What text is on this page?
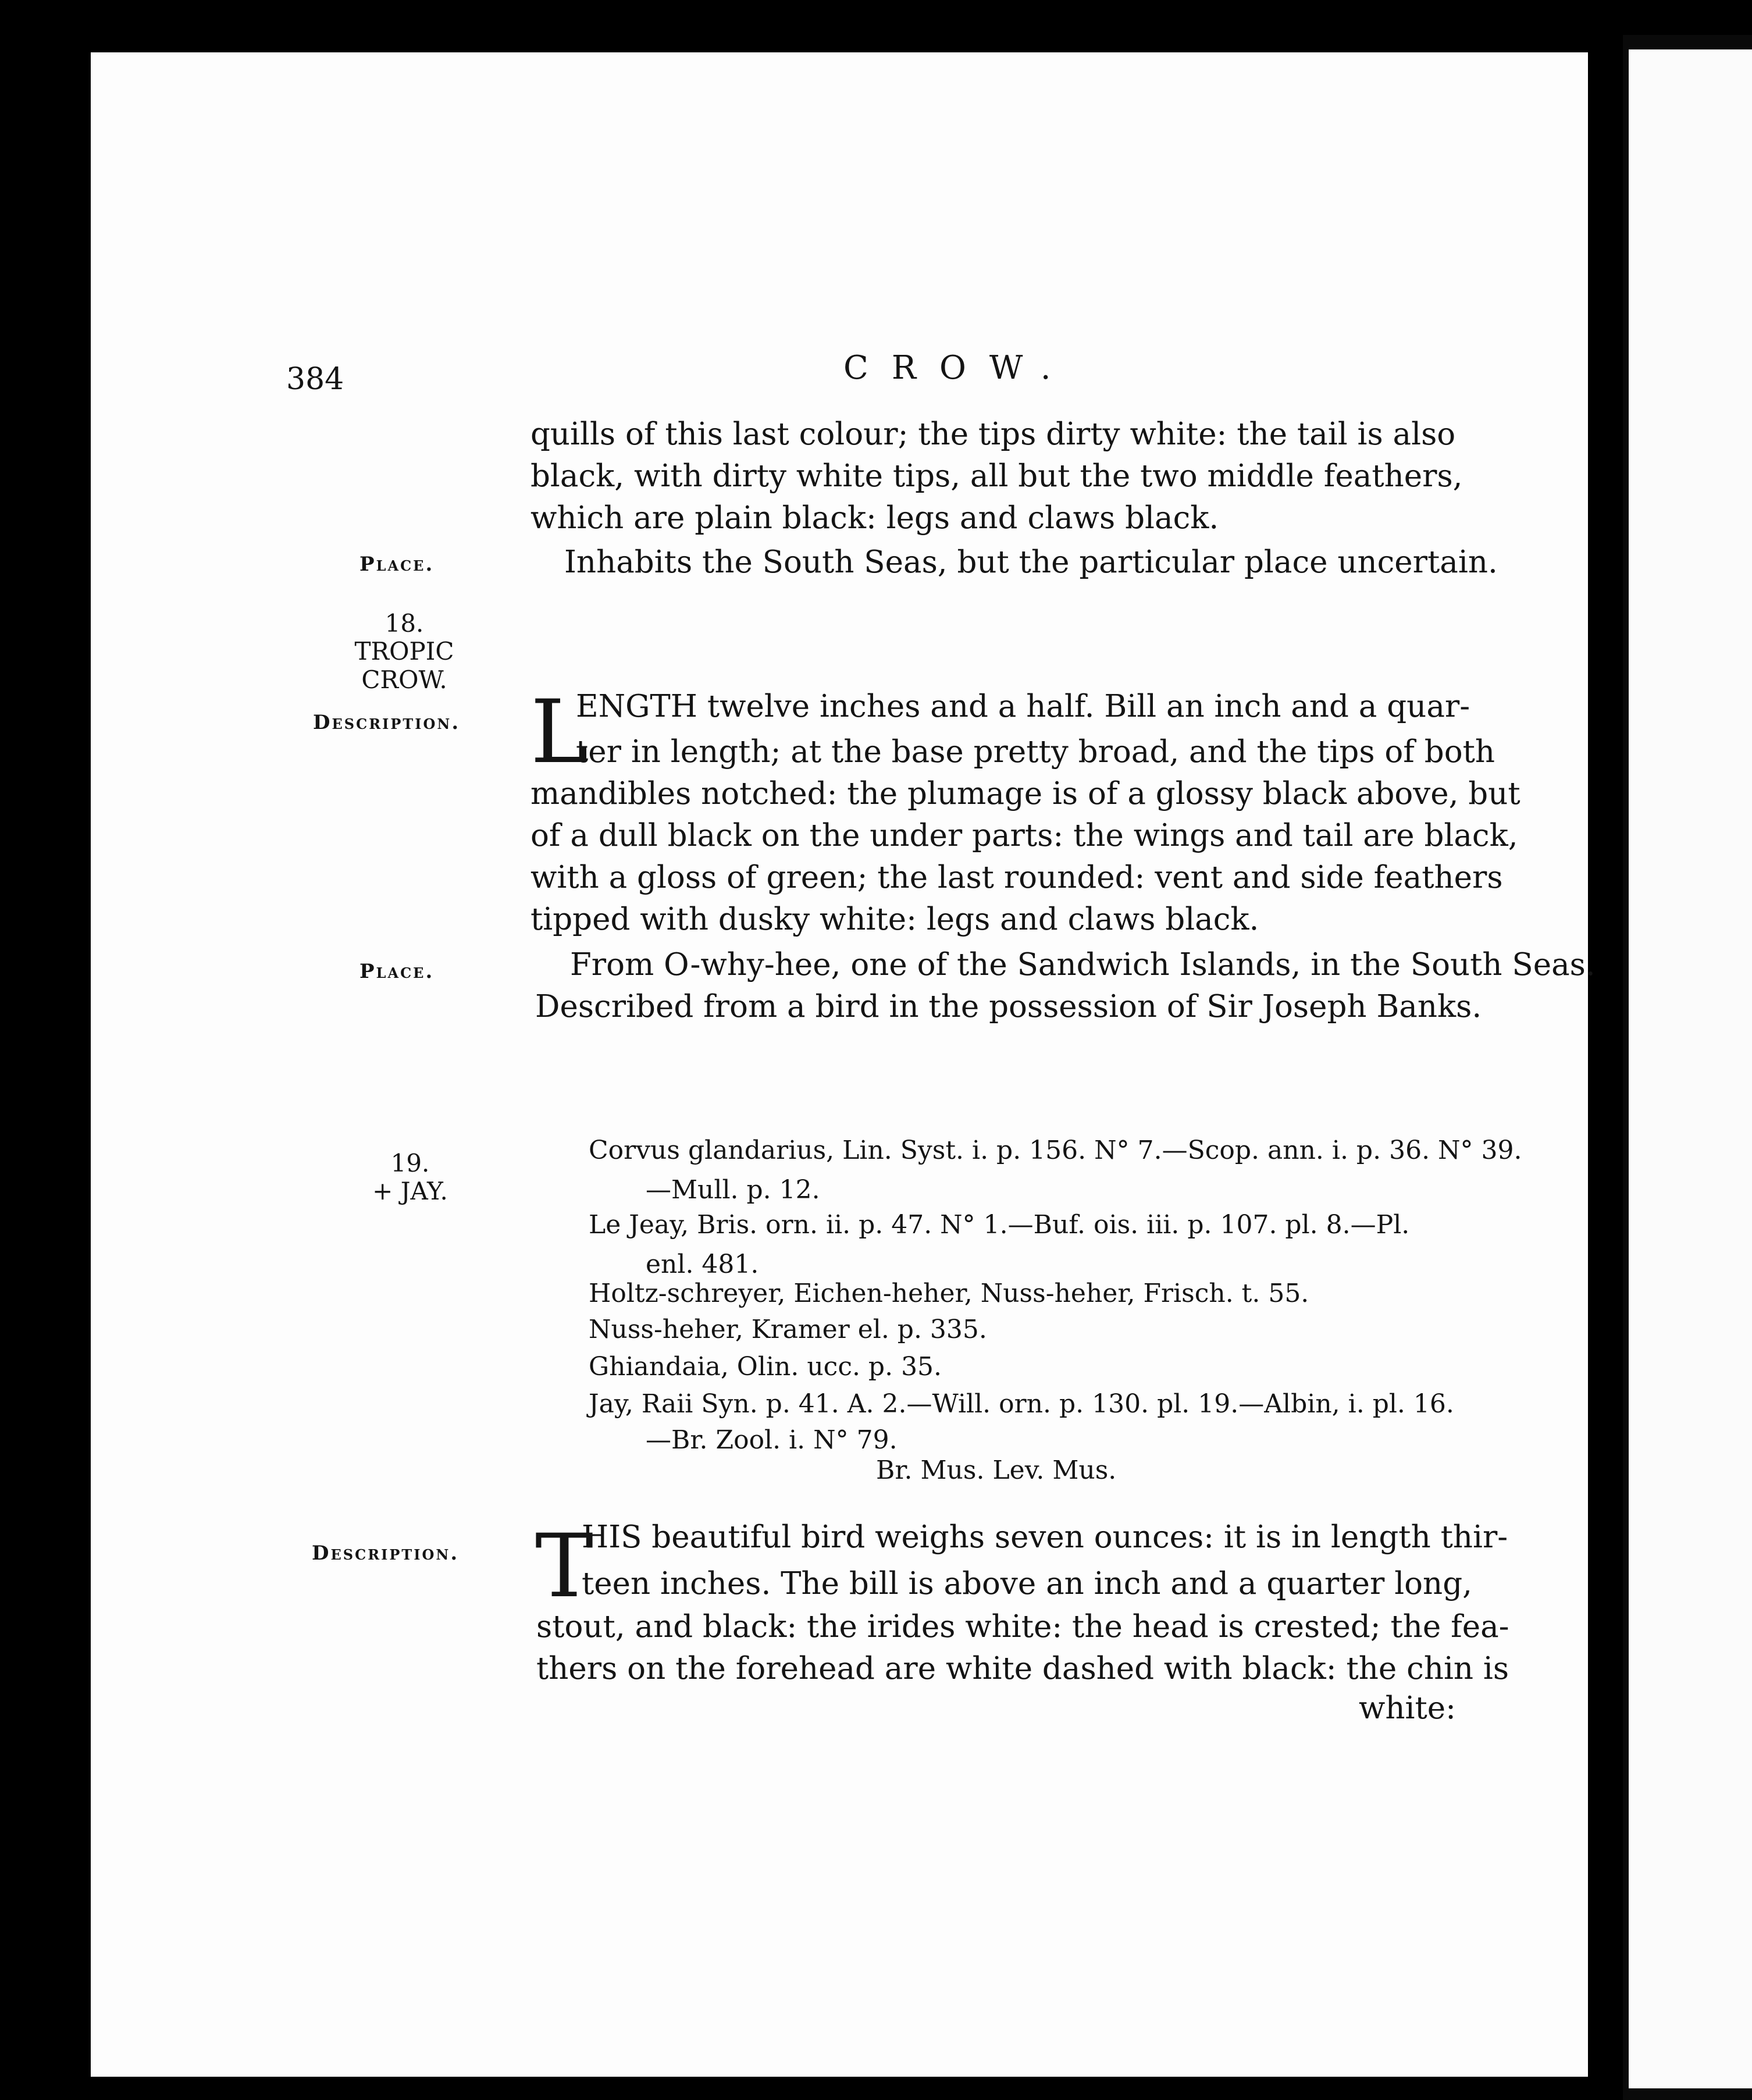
384	CROW.
quills of this last colour; the tips dirty white: the tail is also
black, with dirty white tips, all but the two middle feathers,
which are plain black: legs and claws black.
Place.	Inhabits the South Seas, but the particular place uncertain.
18.
TROPIC
CROW.
Description. L
ENGTH twelve inches and a half. Bill an inch and a quar-
ter in length; at the base pretty broad, and the tips of both
mandibles notched: the plumage is of a glossy black above, but
of a dull black on the under parts: the wings and tail are black,
with a gloss of green; the last rounded: vent and side feathers
tipped with dusky white: legs and claws black.
Place.	From O-why-hee, one of the Sandwich Islands, in the South Seas.
Described from a bird in the possession of Sir Joseph Banks.
19.
+ JAY.
Corvus glandarius, Lin. Syst. i. p. 156. N° 7.—Scop. ann. i. p. 36. N° 39.
—Mull. p. 12.
Le Jeay, Bris. orn. ii. p. 47. N° 1.—Buf. ois. iii. p. 107. pl. 8.—Pl.
enl. 481.
Holtz-schreyer, Eichen-heher, Nuss-heher, Frisch. t. 55.
Nuss-heher, Kramer el. p. 335.
Ghiandaia, Olin. ucc. p. 35.
Jay, Raii Syn. p. 41. A. 2.—Will. orn. p. 130. pl. 19.—Albin, i. pl. 16.
—Br. Zool. i. N° 79.
Br. Mus. Lev. Mus.
Description. T
HIS beautiful bird weighs seven ounces: it is in length thir-
teen inches. The bill is above an inch and a quarter long,
stout, and black: the irides white: the head is crested; the fea-
thers on the forehead are white dashed with black: the chin is
white:
